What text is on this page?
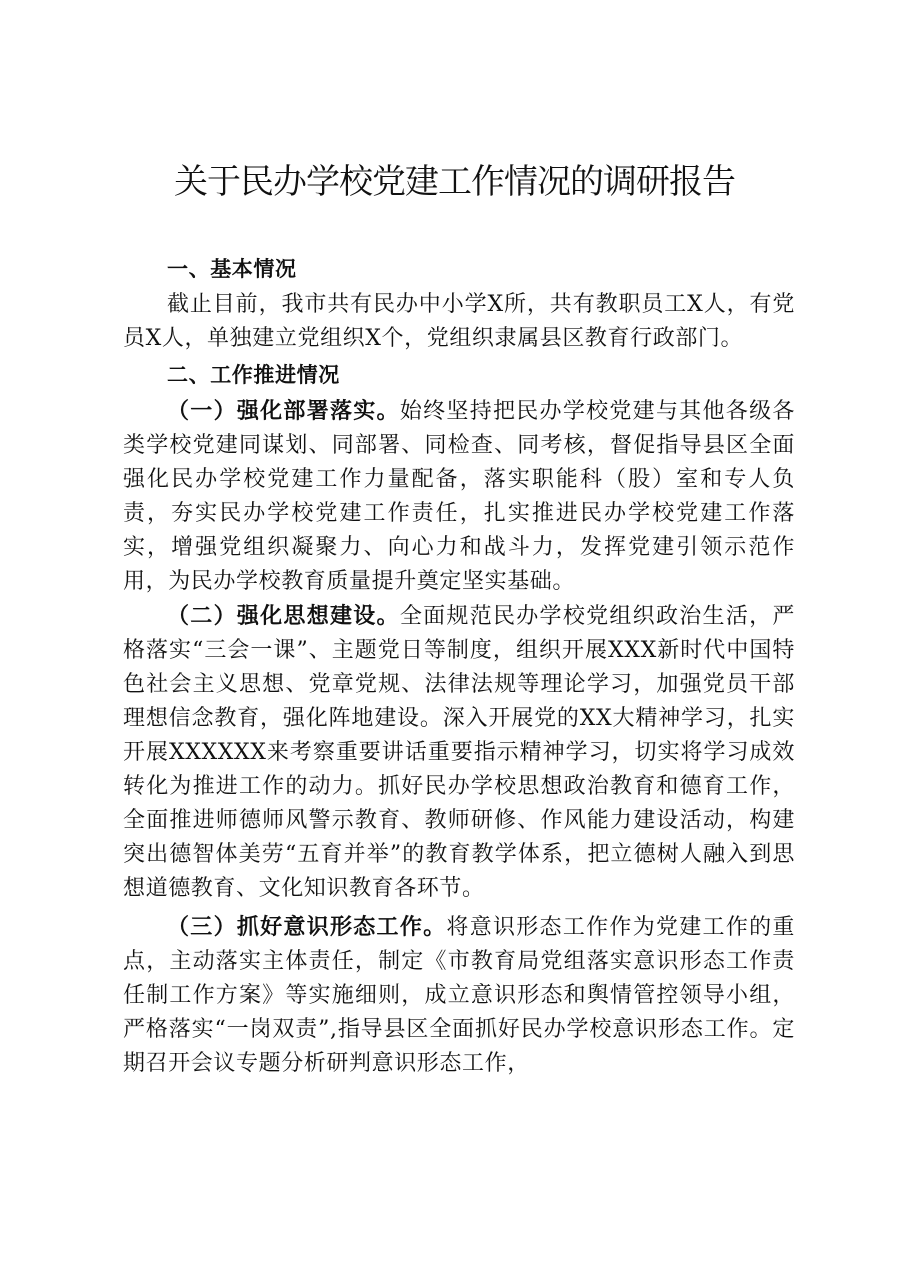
关于民办学校党建工作情况的调研报告

一、基本情况

截止目前，我市共有民办中小学X所，共有教职员工X人，有党员X人，单独建立党组织X个，党组织隶属县区教育行政部门。

二、工作推进情况

（一）强化部署落实。始终坚持把民办学校党建与其他各级各类学校党建同谋划、同部署、同检查、同考核，督促指导县区全面强化民办学校党建工作力量配备，落实职能科（股）室和专人负责，夯实民办学校党建工作责任，扎实推进民办学校党建工作落实，增强党组织凝聚力、向心力和战斗力，发挥党建引领示范作用，为民办学校教育质量提升奠定坚实基础。

（二）强化思想建设。全面规范民办学校党组织政治生活，严格落实“三会一课”、主题党日等制度，组织开展XXX新时代中国特色社会主义思想、党章党规、法律法规等理论学习，加强党员干部理想信念教育，强化阵地建设。深入开展党的XX大精神学习，扎实开展XXXXXX来考察重要讲话重要指示精神学习，切实将学习成效转化为推进工作的动力。抓好民办学校思想政治教育和德育工作，全面推进师德师风警示教育、教师研修、作风能力建设活动，构建突出德智体美劳“五育并举”的教育教学体系，把立德树人融入到思想道德教育、文化知识教育各环节。

（三）抓好意识形态工作。将意识形态工作作为党建工作的重点，主动落实主体责任，制定《市教育局党组落实意识形态工作责任制工作方案》等实施细则，成立意识形态和舆情管控领导小组，严格落实“一岗双责”,指导县区全面抓好民办学校意识形态工作。定期召开会议专题分析研判意识形态工作，
